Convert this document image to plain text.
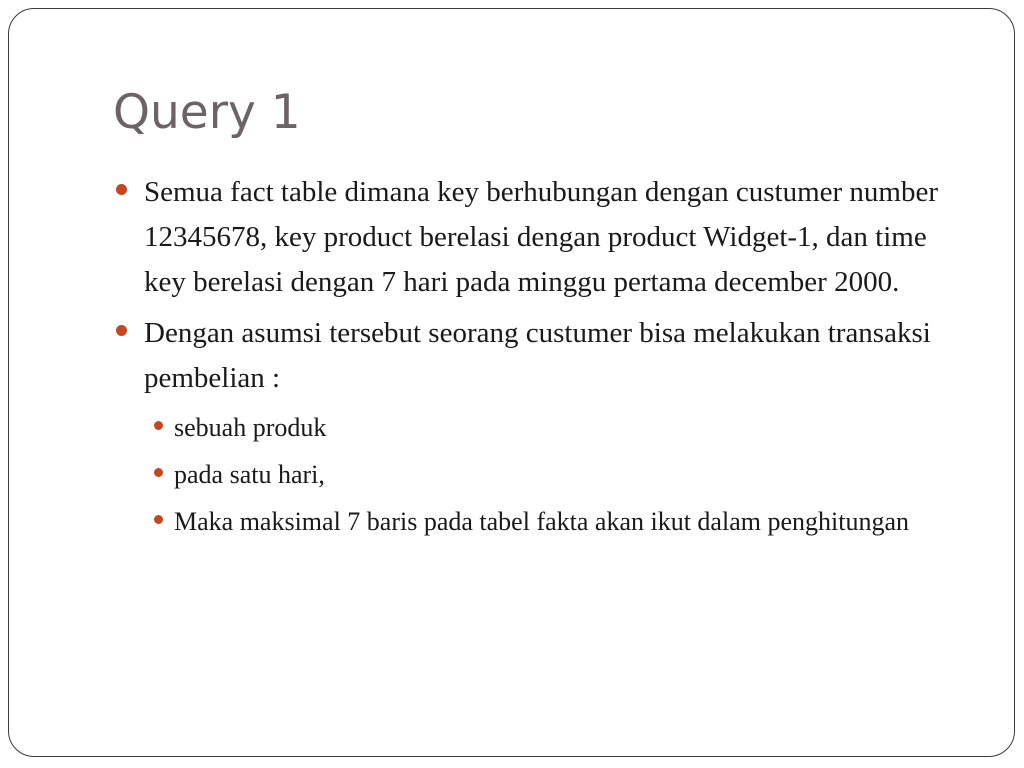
Query 1
Semua fact table dimana key berhubungan dengan custumer number 12345678, key product berelasi dengan product Widget-1, dan time key berelasi dengan 7 hari pada minggu pertama december 2000.
Dengan asumsi tersebut seorang custumer bisa melakukan transaksi pembelian :
sebuah produk
pada satu hari,
Maka maksimal 7 baris pada tabel fakta akan ikut dalam penghitungan
